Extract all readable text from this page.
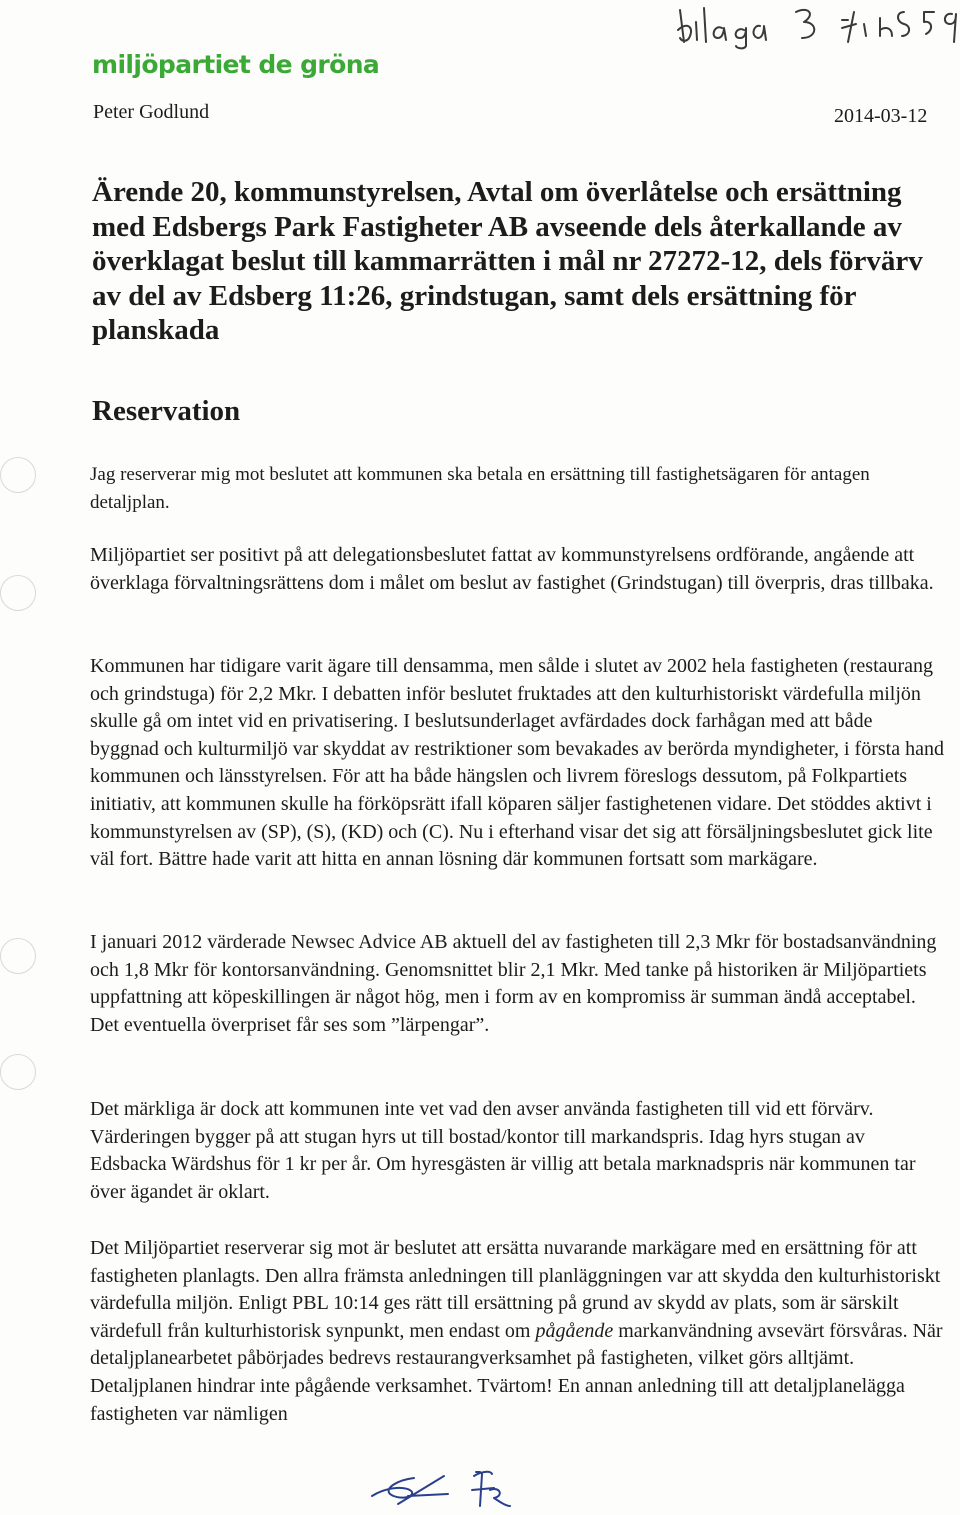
miljöpartiet de gröna
Peter Godlund	2014-03-12
Ärende 20, kommunstyrelsen, Avtal om överlåtelse och ersättning med Edsbergs Park Fastigheter AB avseende dels återkallande av överklagat beslut till kammarrätten i mål nr 27272-12, dels förvärv av del av Edsberg 11:26, grindstugan, samt dels ersättning för planskada
Reservation

Jag reserverar mig mot beslutet att kommunen ska betala en ersättning till fastighetsägaren för antagen detaljplan.

Miljöpartiet ser positivt på att delegationsbeslutet fattat av kommunstyrelsens ordförande, angående att överklaga förvaltningsrättens dom i målet om beslut av fastighet (Grindstugan) till överpris, dras tillbaka.

Kommunen har tidigare varit ägare till densamma, men sålde i slutet av 2002 hela fastigheten (restaurang och grindstuga) för 2,2 Mkr. I debatten inför beslutet fruktades att den kulturhistoriskt värdefulla miljön skulle gå om intet vid en privatisering. I beslutsunderlaget avfärdades dock farhågan med att både byggnad och kulturmiljö var skyddat av restriktioner som bevakades av berörda myndigheter, i första hand kommunen och länsstyrelsen. För att ha både hängslen och livrem föreslogs dessutom, på Folkpartiets initiativ, att kommunen skulle ha förköpsrätt ifall köparen säljer fastighetenen vidare. Det stöddes aktivt i kommunstyrelsen av (SP), (S), (KD) och (C). Nu i efterhand visar det sig att försäljningsbeslutet gick lite väl fort. Bättre hade varit att hitta en annan lösning där kommunen fortsatt som markägare.

I januari 2012 värderade Newsec Advice AB aktuell del av fastigheten till 2,3 Mkr för bostadsanvändning och 1,8 Mkr för kontorsanvändning. Genomsnittet blir 2,1 Mkr. Med tanke på historiken är Miljöpartiets uppfattning att köpeskillingen är något hög, men i form av en kompromiss är summan ändå acceptabel. Det eventuella överpriset får ses som ”lärpengar”.

Det märkliga är dock att kommunen inte vet vad den avser använda fastigheten till vid ett förvärv. Värderingen bygger på att stugan hyrs ut till bostad/kontor till markandspris. Idag hyrs stugan av Edsbacka Wärdshus för 1 kr per år. Om hyresgästen är villig att betala marknadspris när kommunen tar över ägandet är oklart.

Det Miljöpartiet reserverar sig mot är beslutet att ersätta nuvarande markägare med en ersättning för att fastigheten planlagts. Den allra främsta anledningen till planläggningen var att skydda den kulturhistoriskt värdefulla miljön. Enligt PBL 10:14 ges rätt till ersättning på grund av skydd av plats, som är särskilt värdefull från kulturhistorisk synpunkt, men endast om pågående markanvändning avsevärt försvåras. När detaljplanearbetet påbörjades bedrevs restaurangverksamhet på fastigheten, vilket görs alltjämt. Detaljplanen hindrar inte pågående verksamhet. Tvärtom! En annan anledning till att detaljplanelägga fastigheten var nämligen
